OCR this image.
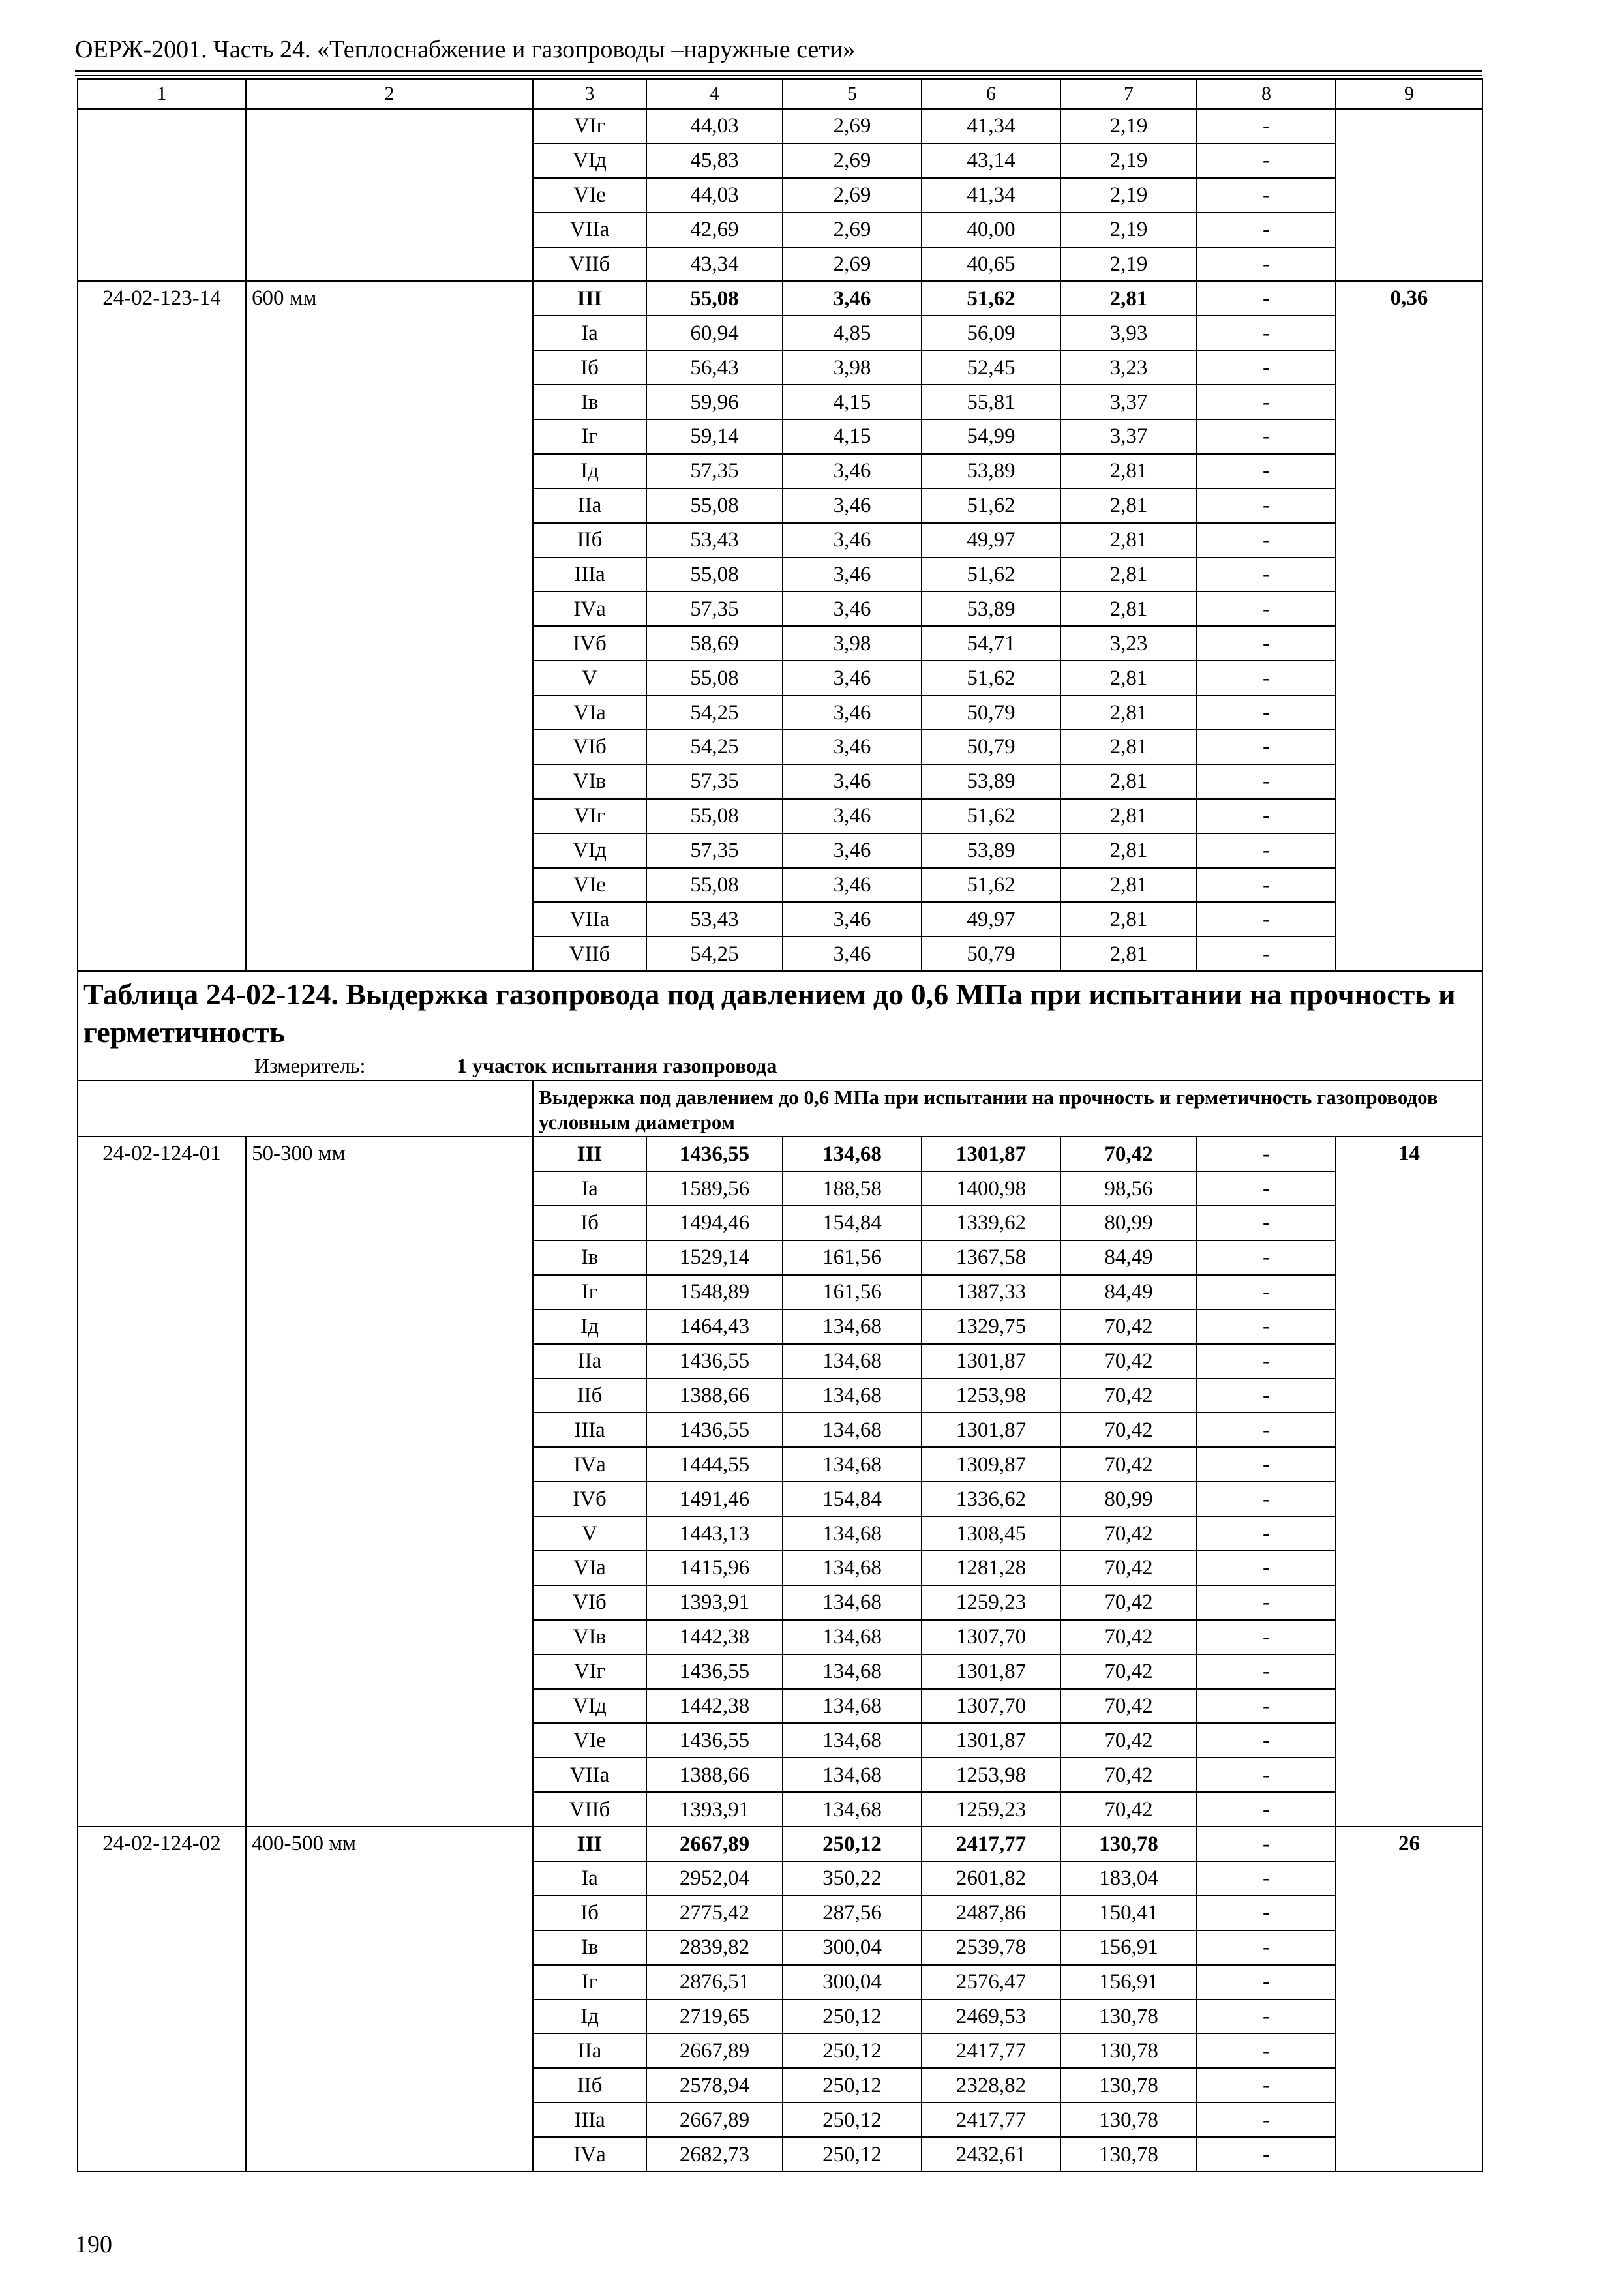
ОЕРЖ-2001. Часть 24. «Теплоснабжение и газопроводы –наружные сети»
1	2	3	4	5	6	7	8	9
		VIг	44,03	2,69	41,34	2,19	-	
		VIд	45,83	2,69	43,14	2,19	-	
		VIе	44,03	2,69	41,34	2,19	-	
		VIIа	42,69	2,69	40,00	2,19	-	
		VIIб	43,34	2,69	40,65	2,19	-	
24-02-123-14	600 мм	III	55,08	3,46	51,62	2,81	-	0,36
		Iа	60,94	4,85	56,09	3,93	-	
		Iб	56,43	3,98	52,45	3,23	-	
		Iв	59,96	4,15	55,81	3,37	-	
		Iг	59,14	4,15	54,99	3,37	-	
		Iд	57,35	3,46	53,89	2,81	-	
		IIа	55,08	3,46	51,62	2,81	-	
		IIб	53,43	3,46	49,97	2,81	-	
		IIIа	55,08	3,46	51,62	2,81	-	
		IVа	57,35	3,46	53,89	2,81	-	
		IVб	58,69	3,98	54,71	3,23	-	
		V	55,08	3,46	51,62	2,81	-	
		VIа	54,25	3,46	50,79	2,81	-	
		VIб	54,25	3,46	50,79	2,81	-	
		VIв	57,35	3,46	53,89	2,81	-	
		VIг	55,08	3,46	51,62	2,81	-	
		VIд	57,35	3,46	53,89	2,81	-	
		VIе	55,08	3,46	51,62	2,81	-	
		VIIа	53,43	3,46	49,97	2,81	-	
		VIIб	54,25	3,46	50,79	2,81	-	

Таблица 24-02-124. Выдержка газопровода под давлением до 0,6 МПа при испытании на прочность и герметичность
Измеритель: 1 участок испытания газопровода								

		Выдержка под давлением до 0,6 МПа при испытании на прочность и герметичность газопроводов условным диаметром						
24-02-124-01	50-300 мм	III	1436,55	134,68	1301,87	70,42	-	14
		Iа	1589,56	188,58	1400,98	98,56	-	
		Iб	1494,46	154,84	1339,62	80,99	-	
		Iв	1529,14	161,56	1367,58	84,49	-	
		Iг	1548,89	161,56	1387,33	84,49	-	
		Iд	1464,43	134,68	1329,75	70,42	-	
		IIа	1436,55	134,68	1301,87	70,42	-	
		IIб	1388,66	134,68	1253,98	70,42	-	
		IIIа	1436,55	134,68	1301,87	70,42	-	
		IVа	1444,55	134,68	1309,87	70,42	-	
		IVб	1491,46	154,84	1336,62	80,99	-	
		V	1443,13	134,68	1308,45	70,42	-	
		VIа	1415,96	134,68	1281,28	70,42	-	
		VIб	1393,91	134,68	1259,23	70,42	-	
		VIв	1442,38	134,68	1307,70	70,42	-	
		VIг	1436,55	134,68	1301,87	70,42	-	
		VIд	1442,38	134,68	1307,70	70,42	-	
		VIе	1436,55	134,68	1301,87	70,42	-	
		VIIа	1388,66	134,68	1253,98	70,42	-	
		VIIб	1393,91	134,68	1259,23	70,42	-	
24-02-124-02	400-500 мм	III	2667,89	250,12	2417,77	130,78	-	26
		Iа	2952,04	350,22	2601,82	183,04	-	
		Iб	2775,42	287,56	2487,86	150,41	-	
		Iв	2839,82	300,04	2539,78	156,91	-	
		Iг	2876,51	300,04	2576,47	156,91	-	
		Iд	2719,65	250,12	2469,53	130,78	-	
		IIа	2667,89	250,12	2417,77	130,78	-	
		IIб	2578,94	250,12	2328,82	130,78	-	
		IIIа	2667,89	250,12	2417,77	130,78	-	
		IVа	2682,73	250,12	2432,61	130,78	-	
190
